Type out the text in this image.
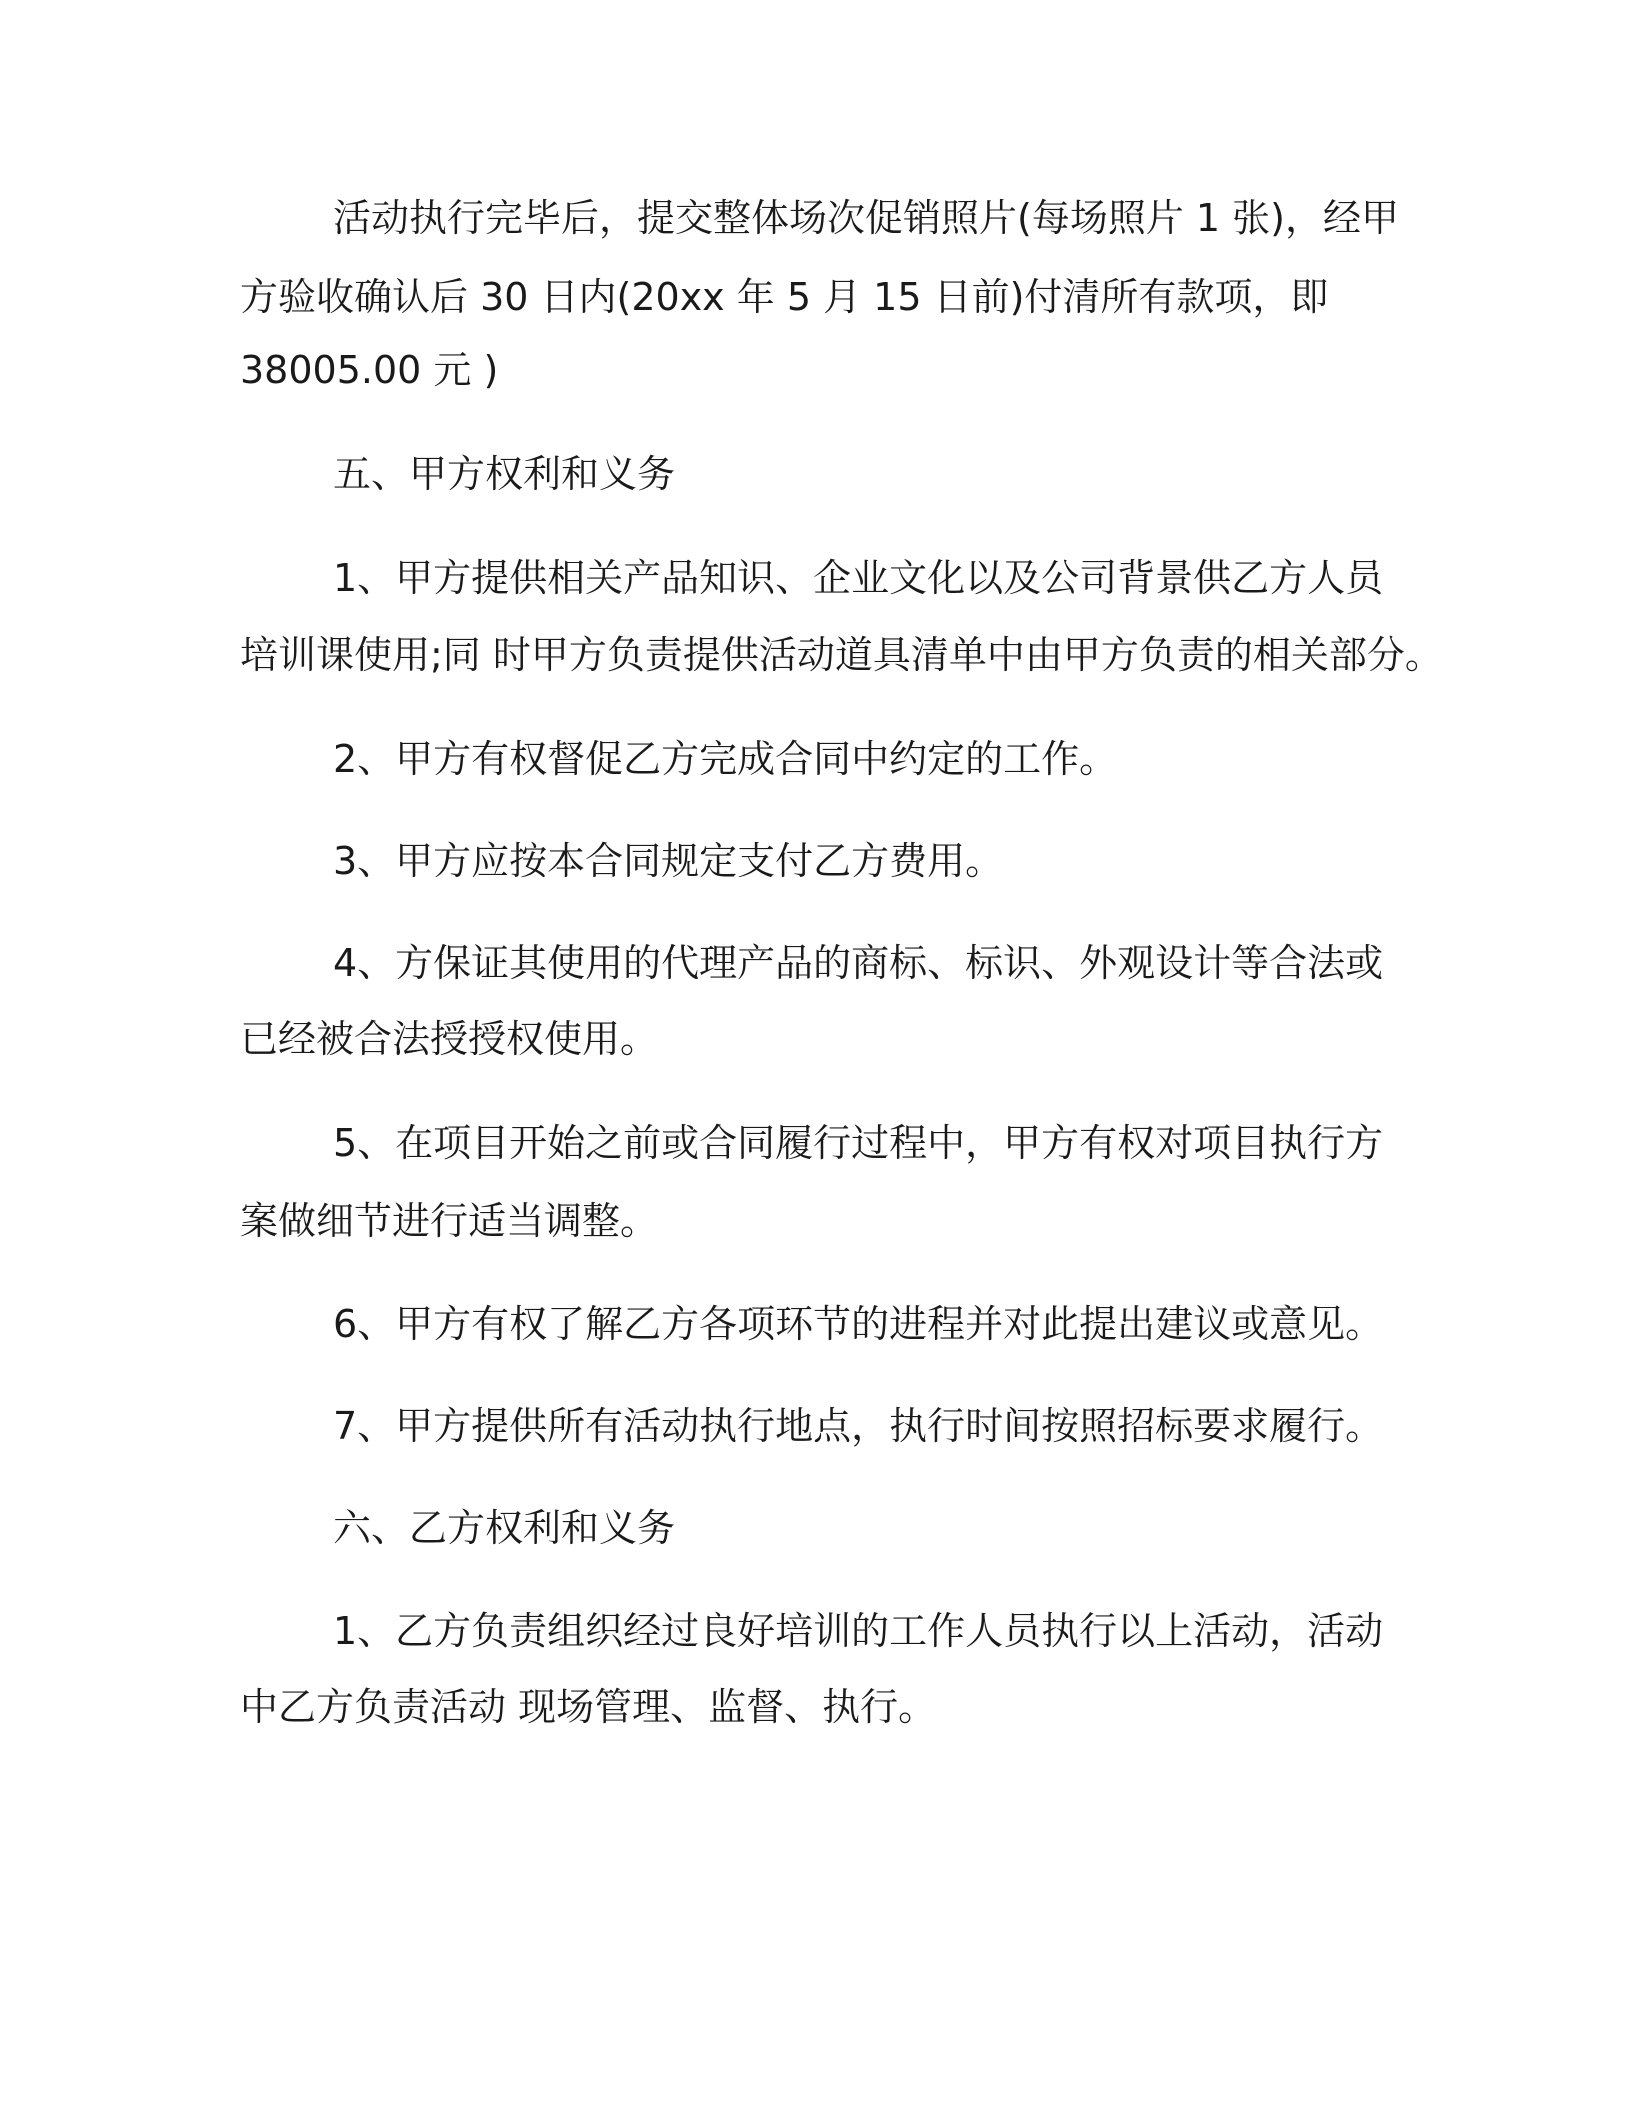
活动执行完毕后，提交整体场次促销照片(每场照片 1 张)，经甲
方验收确认后 30 日内(20xx 年 5 月 15 日前)付清所有款项，即
38005.00 元 )
五、甲方权利和义务
1、甲方提供相关产品知识、企业文化以及公司背景供乙方人员
培训课使用;同 时甲方负责提供活动道具清单中由甲方负责的相关部分。
2、甲方有权督促乙方完成合同中约定的工作。
3、甲方应按本合同规定支付乙方费用。
4、方保证其使用的代理产品的商标、标识、外观设计等合法或
已经被合法授授权使用。
5、在项目开始之前或合同履行过程中，甲方有权对项目执行方
案做细节进行适当调整。
6、甲方有权了解乙方各项环节的进程并对此提出建议或意见。
7、甲方提供所有活动执行地点，执行时间按照招标要求履行。
六、乙方权利和义务
1、乙方负责组织经过良好培训的工作人员执行以上活动，活动
中乙方负责活动 现场管理、监督、执行。
